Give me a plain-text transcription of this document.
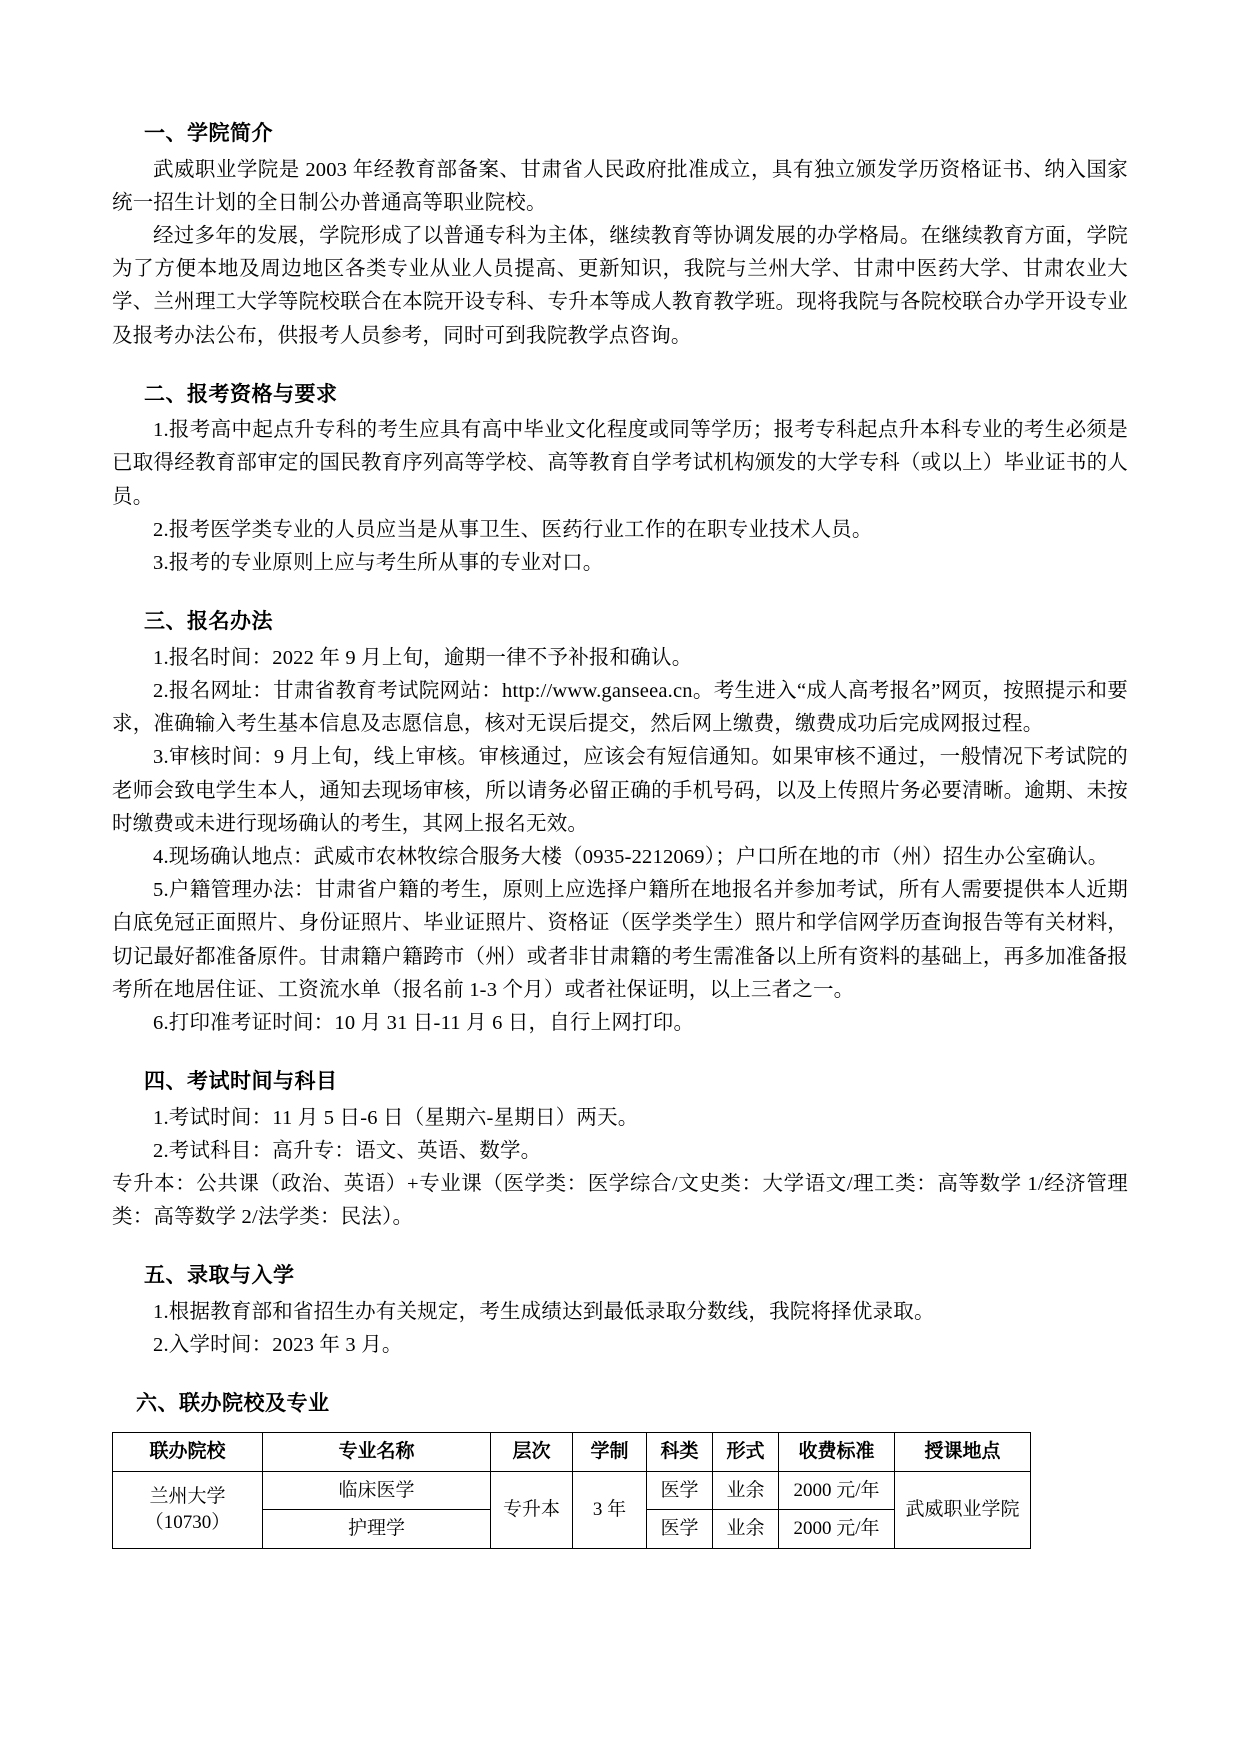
一、学院简介

武威职业学院是 2003 年经教育部备案、甘肃省人民政府批准成立，具有独立颁发学历资格证书、纳入国家统一招生计划的全日制公办普通高等职业院校。

经过多年的发展，学院形成了以普通专科为主体，继续教育等协调发展的办学格局。在继续教育方面，学院为了方便本地及周边地区各类专业从业人员提高、更新知识，我院与兰州大学、甘肃中医药大学、甘肃农业大学、兰州理工大学等院校联合在本院开设专科、专升本等成人教育教学班。现将我院与各院校联合办学开设专业及报考办法公布，供报考人员参考，同时可到我院教学点咨询。

二、报考资格与要求

1.报考高中起点升专科的考生应具有高中毕业文化程度或同等学历；报考专科起点升本科专业的考生必须是已取得经教育部审定的国民教育序列高等学校、高等教育自学考试机构颁发的大学专科（或以上）毕业证书的人员。

2.报考医学类专业的人员应当是从事卫生、医药行业工作的在职专业技术人员。

3.报考的专业原则上应与考生所从事的专业对口。

三、报名办法

1.报名时间：2022 年 9 月上旬，逾期一律不予补报和确认。

2.报名网址：甘肃省教育考试院网站：http://www.ganseea.cn。考生进入“成人高考报名”网页，按照提示和要求，准确输入考生基本信息及志愿信息，核对无误后提交，然后网上缴费，缴费成功后完成网报过程。

3.审核时间：9 月上旬，线上审核。审核通过，应该会有短信通知。如果审核不通过，一般情况下考试院的老师会致电学生本人，通知去现场审核，所以请务必留正确的手机号码，以及上传照片务必要清晰。逾期、未按时缴费或未进行现场确认的考生，其网上报名无效。

4.现场确认地点：武威市农林牧综合服务大楼（0935-2212069）；户口所在地的市（州）招生办公室确认。

5.户籍管理办法：甘肃省户籍的考生，原则上应选择户籍所在地报名并参加考试，所有人需要提供本人近期白底免冠正面照片、身份证照片、毕业证照片、资格证（医学类学生）照片和学信网学历查询报告等有关材料，切记最好都准备原件。甘肃籍户籍跨市（州）或者非甘肃籍的考生需准备以上所有资料的基础上，再多加准备报考所在地居住证、工资流水单（报名前 1-3 个月）或者社保证明，以上三者之一。

6.打印准考证时间：10 月 31 日-11 月 6 日，自行上网打印。

四、考试时间与科目

1.考试时间：11 月 5 日-6 日（星期六-星期日）两天。

2.考试科目：高升专：语文、英语、数学。

专升本：公共课（政治、英语）+专业课（医学类：医学综合/文史类：大学语文/理工类：高等数学 1/经济管理类：高等数学 2/法学类：民法）。

五、录取与入学

1.根据教育部和省招生办有关规定，考生成绩达到最低录取分数线，我院将择优录取。

2.入学时间：2023 年 3 月。

六、联办院校及专业
联办院校	专业名称	层次	学制	科类	形式	收费标准	授课地点
兰州大学
（10730）	临床医学	专升本	3 年	医学	业余	2000 元/年	武威职业学院
	护理学			医学	业余	2000 元/年	
